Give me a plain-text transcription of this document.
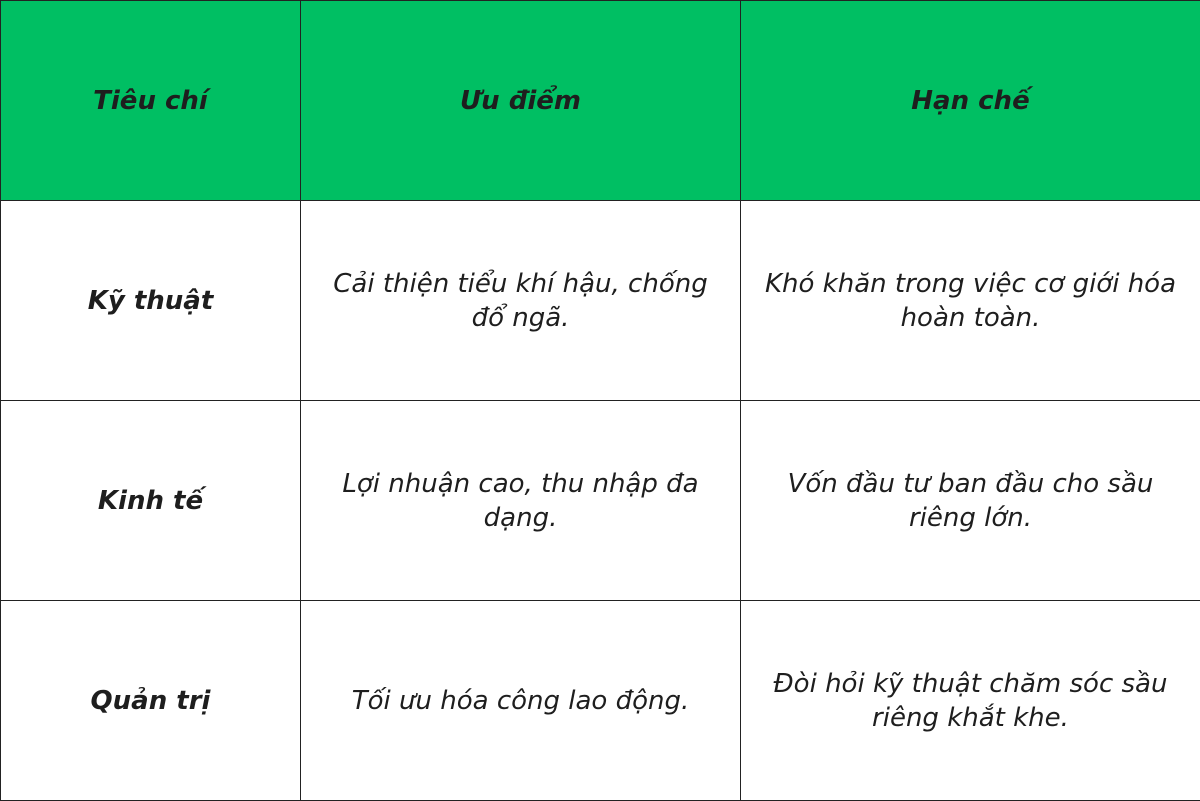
Tiêu chí	Ưu điểm	Hạn chế
Kỹ thuật	Cải thiện tiểu khí hậu, chống đổ ngã.	Khó khăn trong việc cơ giới hóa hoàn toàn.
Kinh tế	Lợi nhuận cao, thu nhập đa dạng.	Vốn đầu tư ban đầu cho sầu riêng lớn.
Quản trị	Tối ưu hóa công lao động.	Đòi hỏi kỹ thuật chăm sóc sầu riêng khắt khe.
